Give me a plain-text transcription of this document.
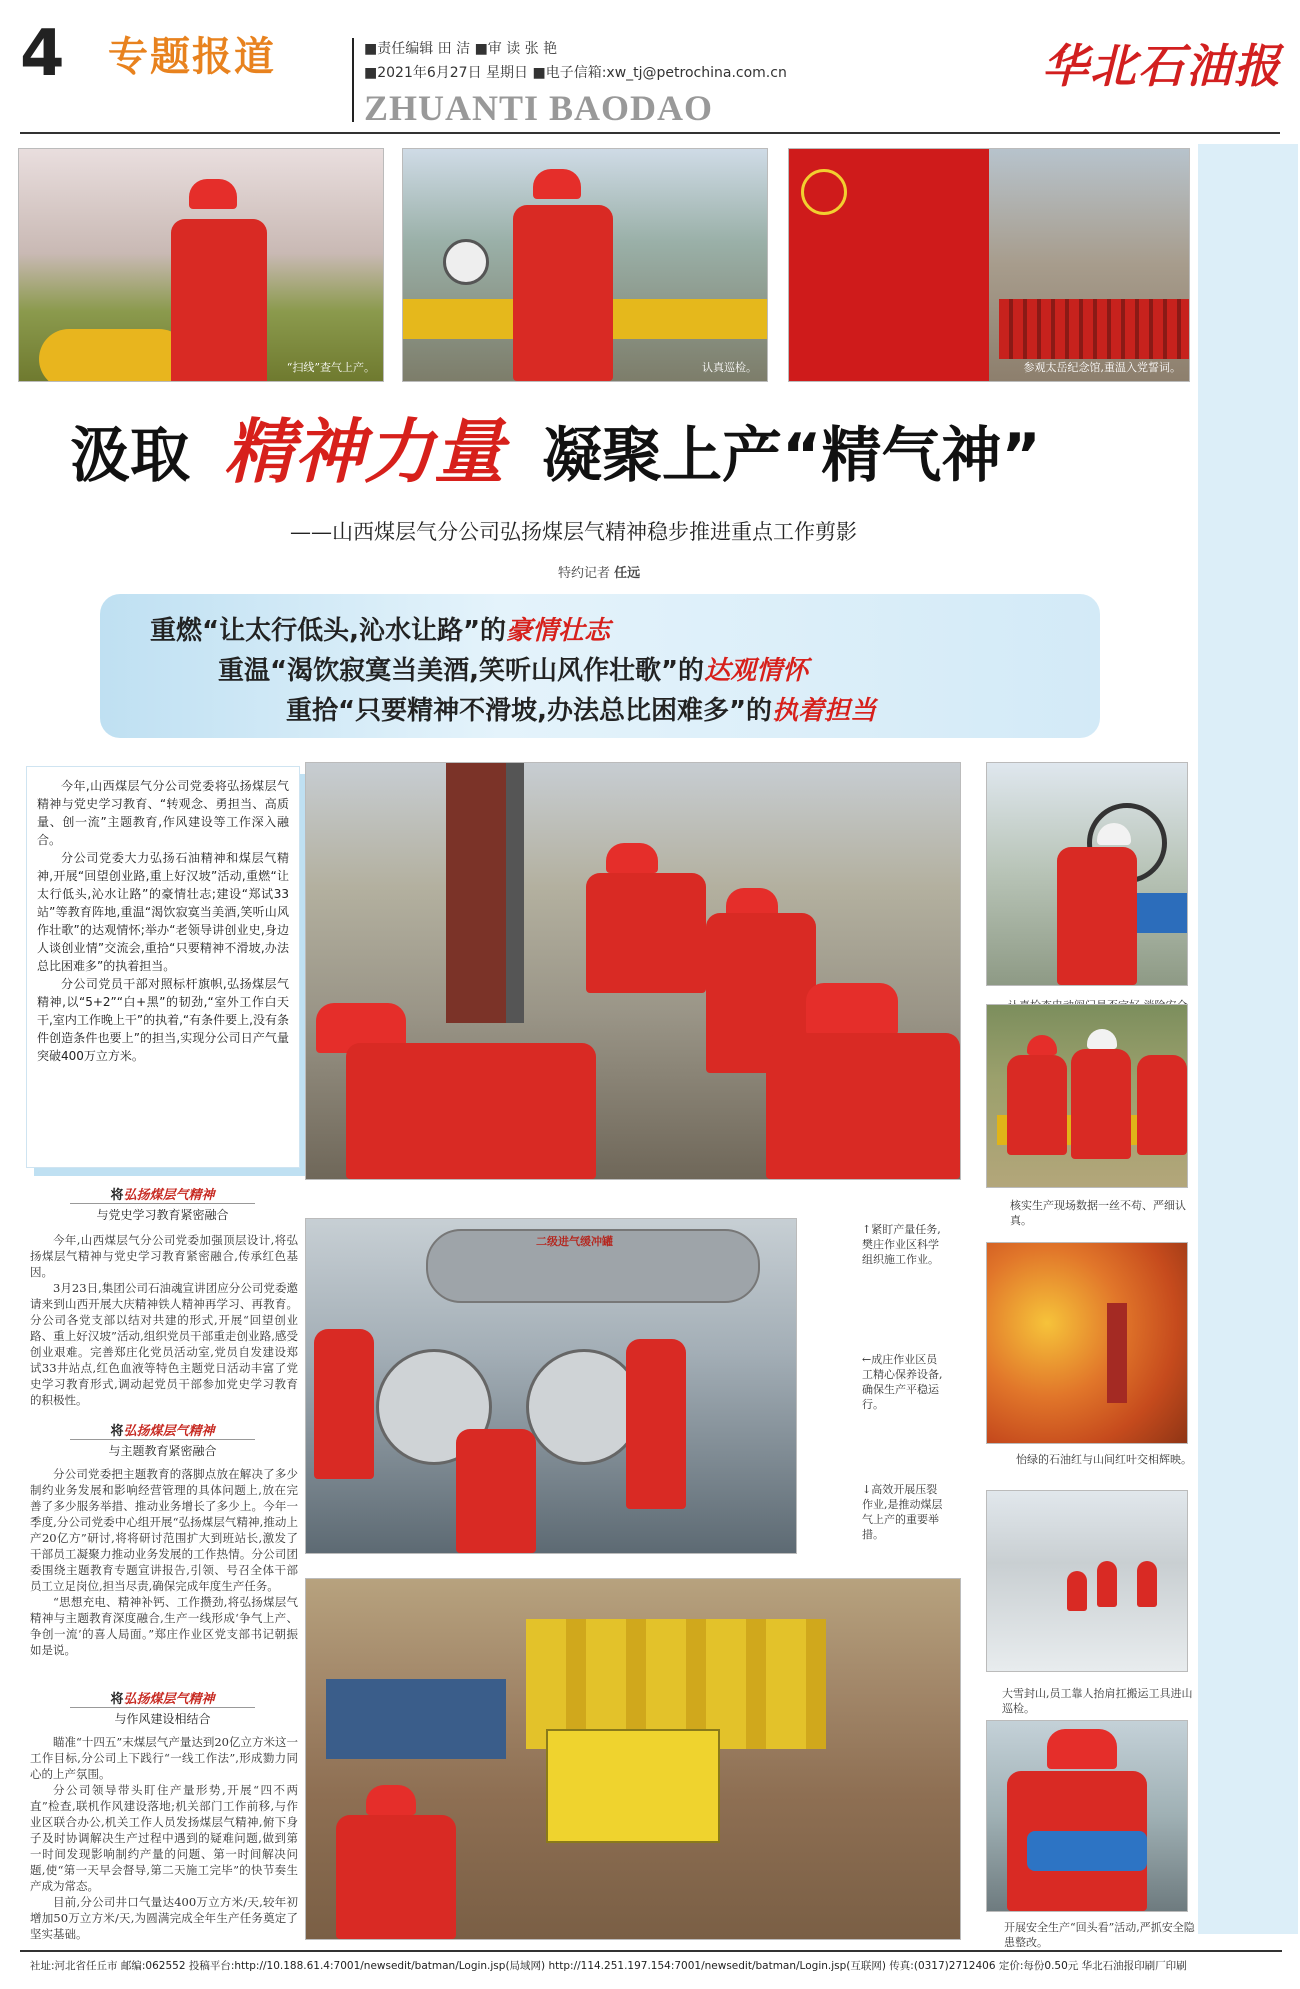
4 专题报道	■责任编辑 田 洁 ■审 读 张 艳
■2021年6月27日 星期日 ■电子信箱:xw_tj@petrochina.com.cn
ZHUANTI BAODAO
华北石油报
“扫线”查气上产。	认真巡检。	参观太岳纪念馆,重温入党誓词。
汲取 精神力量 凝聚上产“精气神”
——山西煤层气分公司弘扬煤层气精神稳步推进重点工作剪影
特约记者 任远
重燃“让太行低头,沁水让路”的豪情壮志
重温“渴饮寂寞当美酒,笑听山风作壮歌”的达观情怀
重拾“只要精神不滑坡,办法总比困难多”的执着担当

今年,山西煤层气分公司党委将弘扬煤层气精神与党史学习教育、“转观念、勇担当、高质量、创一流”主题教育,作风建设等工作深入融合。

分公司党委大力弘扬石油精神和煤层气精神,开展“回望创业路,重上好汉坡”活动,重燃“让太行低头,沁水让路”的豪情壮志;建设“郑试33站”等教育阵地,重温“渴饮寂寞当美酒,笑听山风作壮歌”的达观情怀;举办“老领导讲创业史,身边人谈创业情”交流会,重拾“只要精神不滑坡,办法总比困难多”的执着担当。

分公司党员干部对照标杆旗帜,弘扬煤层气精神,以“5+2”“白+黑”的韧劲,“室外工作白天干,室内工作晚上干”的执着,“有条件要上,没有条件创造条件也要上”的担当,实现分公司日产气量突破400万立方米。

将弘扬煤层气精神
与党史学习教育紧密融合

今年,山西煤层气分公司党委加强顶层设计,将弘扬煤层气精神与党史学习教育紧密融合,传承红色基因。

3月23日,集团公司石油魂宣讲团应分公司党委邀请来到山西开展大庆精神铁人精神再学习、再教育。分公司各党支部以结对共建的形式,开展“回望创业路、重上好汉坡”活动,组织党员干部重走创业路,感受创业艰难。完善郑庄化党员活动室,党员自发建设郑试33井站点,红色血液等特色主题党日活动丰富了党史学习教育形式,调动起党员干部参加党史学习教育的积极性。

将弘扬煤层气精神
与主题教育紧密融合

分公司党委把主题教育的落脚点放在解决了多少制约业务发展和影响经营管理的具体问题上,放在完善了多少服务举措、推动业务增长了多少上。今年一季度,分公司党委中心组开展“弘扬煤层气精神,推动上产20亿方”研讨,将将研讨范围扩大到班站长,激发了干部员工凝聚力推动业务发展的工作热情。分公司团委围绕主题教育专题宣讲报告,引领、号召全体干部员工立足岗位,担当尽责,确保完成年度生产任务。

“思想充电、精神补钙、工作攒劲,将弘扬煤层气精神与主题教育深度融合,生产一线形成‘争气上产、争创一流’的喜人局面。”郑庄作业区党支部书记朝振如是说。

将弘扬煤层气精神
与作风建设相结合

瞄准“十四五”末煤层气产量达到20亿立方米这一工作目标,分公司上下践行“一线工作法”,形成勠力同心的上产氛围。

分公司领导带头盯住产量形势,开展“四不两直”检查,联机作风建设落地;机关部门工作前移,与作业区联合办公,机关工作人员发扬煤层气精神,俯下身子及时协调解决生产过程中遇到的疑难问题,做到第一时间发现影响制约产量的问题、第一时间解决问题,使“第一天早会督导,第二天施工完毕”的快节奏生产成为常态。

目前,分公司井口气量达400万立方米/天,较年初增加50万立方米/天,为圆满完成全年生产任务奠定了坚实基础。

二级进气缓冲罐
↑紧盯产量任务,樊庄作业区科学组织施工作业。
←成庄作业区员工精心保养设备,确保生产平稳运行。
↓高效开展压裂作业,是推动煤层气上产的重要举措。
核实生产现场数据一丝不苟、严细认真。
怡绿的石油红与山间红叶交相辉映。
大雪封山,员工靠人抬肩扛搬运工具进山巡检。
开展安全生产“回头看”活动,严抓安全隐患整改。
社址:河北省任丘市 邮编:062552 投稿平台:http://10.188.61.4:7001/newsedit/batman/Login.jsp(局域网) http://114.251.197.154:7001/newsedit/batman/Login.jsp(互联网) 传真:(0317)2712406 定价:每份0.50元 华北石油报印刷厂印刷
